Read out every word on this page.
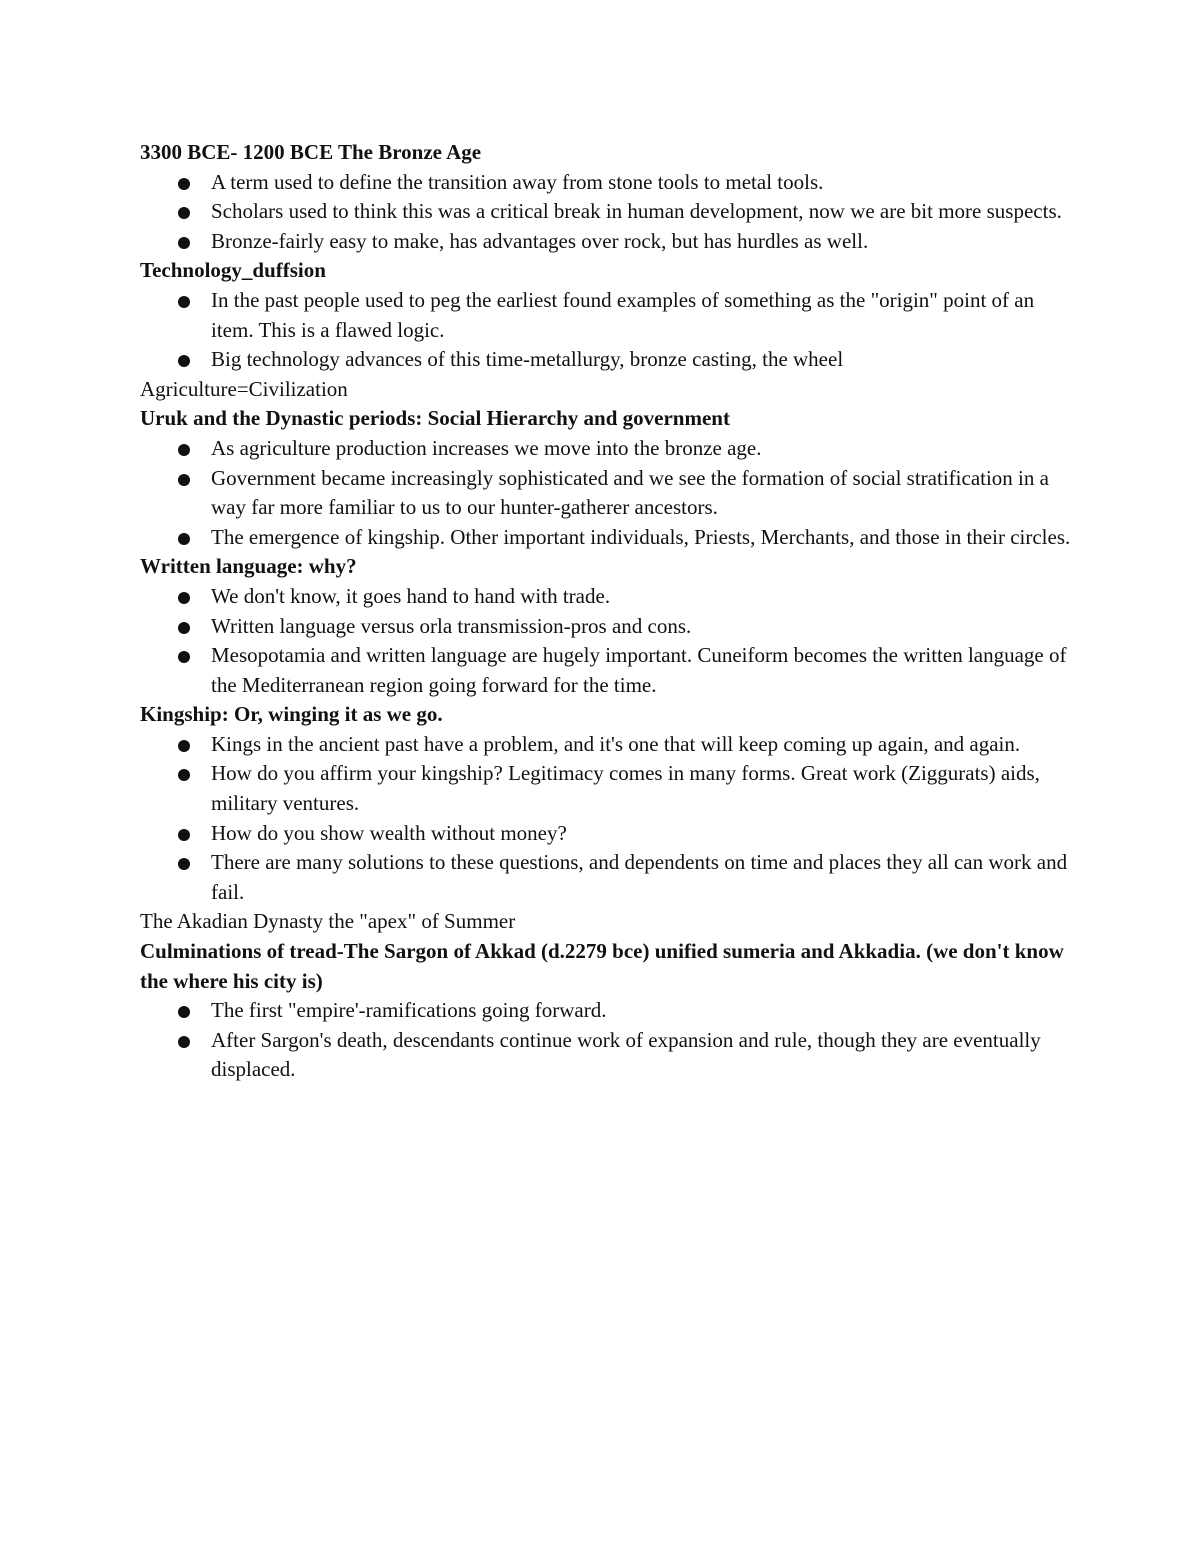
3300 BCE- 1200 BCE The Bronze Age
A term used to define the transition away from stone tools to metal tools.
Scholars used to think this was a critical break in human development, now we are bit more suspects.
Bronze-fairly easy to make, has advantages over rock, but has hurdles as well.
Technology_duffsion
In the past people used to peg the earliest found examples of something as the "origin" point of an item. This is a flawed logic.
Big technology advances of this time-metallurgy, bronze casting, the wheel
Agriculture=Civilization
Uruk and the Dynastic periods: Social Hierarchy and government
As agriculture production increases we move into the bronze age.
Government became increasingly sophisticated and we see the formation of social stratification in a way far more familiar to us to our hunter-gatherer ancestors.
The emergence of kingship. Other important individuals, Priests, Merchants, and those in their circles.
Written language: why?
We don't know, it goes hand to hand with trade.
Written language versus orla transmission-pros and cons.
Mesopotamia and written language are hugely important. Cuneiform becomes the written language of the Mediterranean region going forward for the time.
Kingship: Or, winging it as we go.
Kings in the ancient past have a problem, and it's one that will keep coming up again, and again.
How do you affirm your kingship? Legitimacy comes in many forms. Great work (Ziggurats) aids, military ventures.
How do you show wealth without money?
There are many solutions to these questions, and dependents on time and places they all can work and fail.
The Akadian Dynasty the "apex" of Summer
Culminations of tread-The Sargon of Akkad (d.2279 bce) unified sumeria and Akkadia. (we don't know the where his city is)
The first "empire'-ramifications going forward.
After Sargon's death, descendants continue work of expansion and rule, though they are eventually displaced.
